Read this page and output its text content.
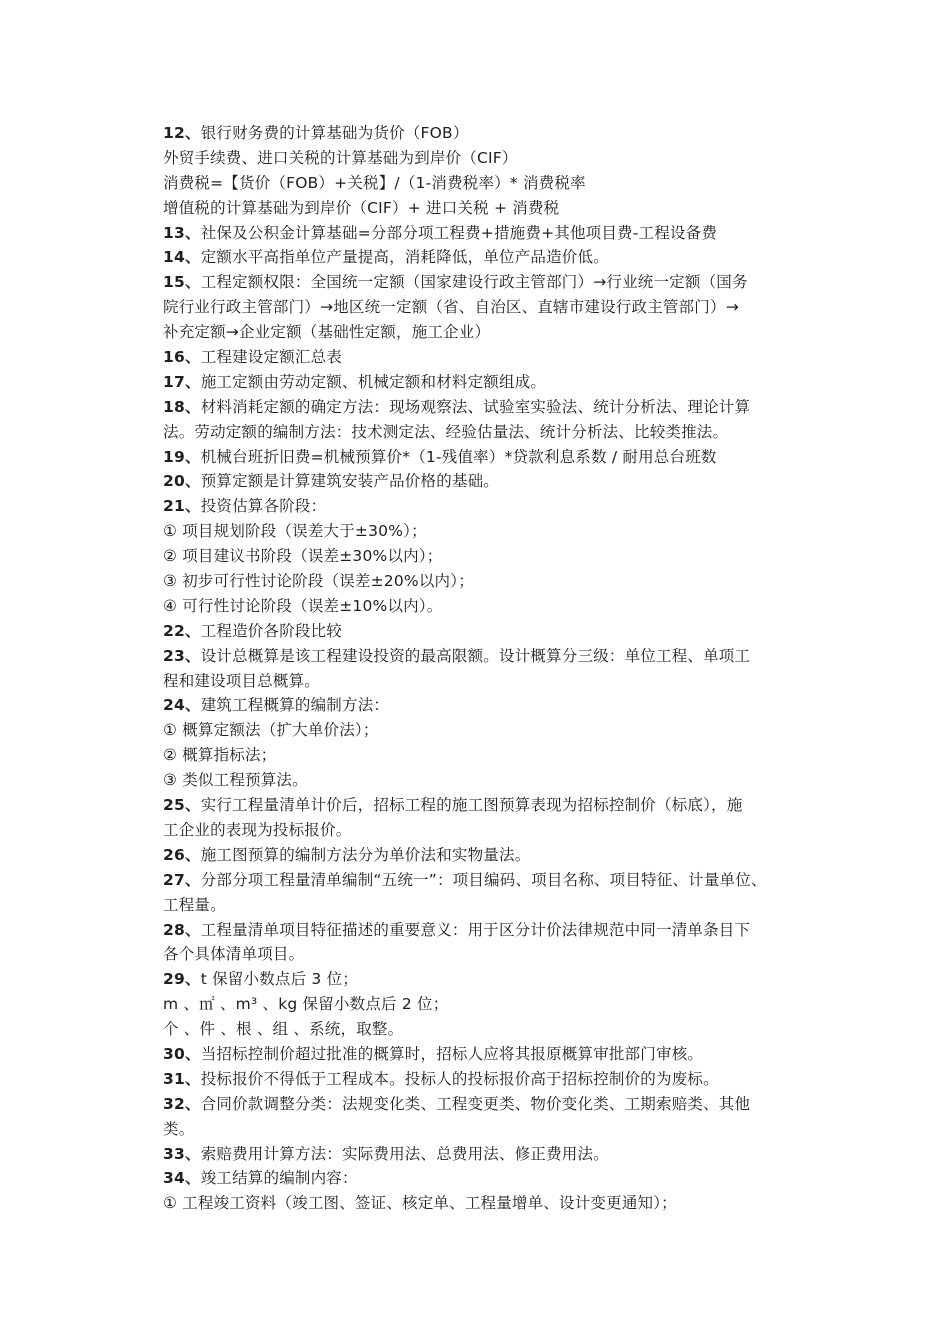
12、银行财务费的计算基础为货价（FOB）
外贸手续费、进口关税的计算基础为到岸价（CIF）
消费税=【货价（FOB）+关税】/（1-消费税率）* 消费税率
增值税的计算基础为到岸价（CIF）+ 进口关税 + 消费税
13、社保及公积金计算基础=分部分项工程费+措施费+其他项目费-工程设备费
14、定额水平高指单位产量提高，消耗降低，单位产品造价低。
15、工程定额权限：全国统一定额（国家建设行政主管部门）→行业统一定额（国务
院行业行政主管部门）→地区统一定额（省、自治区、直辖市建设行政主管部门）→
补充定额→企业定额（基础性定额，施工企业）
16、工程建设定额汇总表
17、施工定额由劳动定额、机械定额和材料定额组成。
18、材料消耗定额的确定方法：现场观察法、试验室实验法、统计分析法、理论计算
法。劳动定额的编制方法：技术测定法、经验估量法、统计分析法、比较类推法。
19、机械台班折旧费=机械预算价*（1-残值率）*贷款利息系数 / 耐用总台班数
20、预算定额是计算建筑安装产品价格的基础。
21、投资估算各阶段：
① 项目规划阶段（误差大于±30%）；
② 项目建议书阶段（误差±30%以内）；
③ 初步可行性讨论阶段（误差±20%以内）；
④ 可行性讨论阶段（误差±10%以内）。
22、工程造价各阶段比较
23、设计总概算是该工程建设投资的最高限额。设计概算分三级：单位工程、单项工
程和建设项目总概算。
24、建筑工程概算的编制方法：
① 概算定额法（扩大单价法）；
② 概算指标法；
③ 类似工程预算法。
25、实行工程量清单计价后，招标工程的施工图预算表现为招标控制价（标底），施
工企业的表现为投标报价。
26、施工图预算的编制方法分为单价法和实物量法。
27、分部分项工程量清单编制“五统一”：项目编码、项目名称、项目特征、计量单位、
工程量。
28、工程量清单项目特征描述的重要意义：用于区分计价法律规范中同一清单条目下
各个具体清单项目。
29、t 保留小数点后 3 位；
m 、㎡ 、m³ 、kg 保留小数点后 2 位；
个 、件 、根 、组 、系统，取整。
30、当招标控制价超过批准的概算时，招标人应将其报原概算审批部门审核。
31、投标报价不得低于工程成本。投标人的投标报价高于招标控制价的为废标。
32、合同价款调整分类：法规变化类、工程变更类、物价变化类、工期索赔类、其他
类。
33、索赔费用计算方法：实际费用法、总费用法、修正费用法。
34、竣工结算的编制内容：
① 工程竣工资料（竣工图、签证、核定单、工程量增单、设计变更通知）；
